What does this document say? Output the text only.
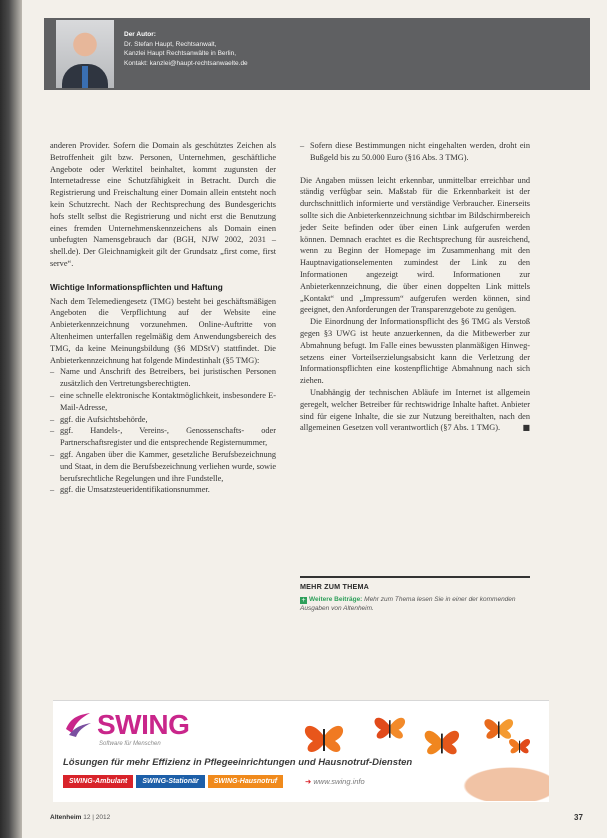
Der Autor:
Dr. Stefan Haupt, Rechtsanwalt,
Kanzlei Haupt Rechtsanwälte in Berlin,
Kontakt: kanzlei@haupt-rechtsanwaelte.de

anderen Provider. Sofern die Domain als geschütztes Zeichen als Betroffenheit gilt bzw. Personen, Unternehmen, geschäftliche Angebote oder Werktitel beinhaltet, kommt zugunsten der Internetadresse eine Schutzfähigkeit in Betracht. Durch die Registrierung und Freischaltung einer Domain allein entsteht noch kein Schutzrecht. Nach der Rechtsprechung des Bundesgerichts hofs stellt selbst die Registrierung und nicht erst die Benutzung eines fremden Unternehmenskennzeichens als Domain einen unbefugten Namensgebrauch dar (BGH, NJW 2002, 2031 – shell.de). Der Gleichnamigkeit gilt der Grundsatz „first come, first serve“.

Wichtige Informationspflichten und Haftung

Nach dem Telemediengesetz (TMG) besteht bei geschäftsmäßigen Angeboten die Verpflichtung auf der Website eine Anbieterkennzeichnung vorzunehmen. Online-Auftritte von Altenheimen unterfallen regelmäßig dem Anwendungsbereich des TMG, da keine Meinungsbildung (§6 MDStV) stattfindet. Die Anbieterkennzeichnung hat folgende Mindestinhalt (§5 TMG):

– Name und Anschrift des Betreibers, bei juristischen Personen zusätzlich den Vertretungsberechtigten.
– eine schnelle elektronische Kontaktmöglichkeit, insbesondere E-Mail-Adresse,
– ggf. die Aufsichtsbehörde,
– ggf. Handels-, Vereins-, Genossenschafts- oder Partnerschaftsregister und die entsprechende Registernummer,
– ggf. Angaben über die Kammer, gesetzliche Berufsbezeichnung und Staat, in dem die Berufsbezeichnung verliehen wurde, sowie berufsrechtliche Regelungen und ihre Fundstelle,
– ggf. die Umsatzsteueridentifikationsnummer.
– Sofern diese Bestimmungen nicht eingehalten werden, droht ein Bußgeld bis zu 50.000 Euro (§16 Abs. 3 TMG).

Die Angaben müssen leicht erkennbar, unmittelbar erreichbar und ständig verfügbar sein. Maßstab für die Erkennbarkeit ist der durchschnittlich informierte und verständige Verbraucher. Einerseits sollte sich die Anbieterkennzeichnung sichtbar im Bildschirmbereich jeder Seite befinden oder über einen Link aufgerufen werden können. Demnach erachtet es die Rechtsprechung für ausreichend, wenn zu Beginn der Homepage im Zusammenhang mit den Hauptnavigationselementen zumindest der Link zu den Informationen angezeigt wird. Informationen zur Anbieterkennzeichnung, die über einen doppelten Link mittels „Kontakt“ und „Impressum“ aufgerufen werden können, sind geeignet, den Anforderungen der Transparenzgebote zu genügen.

Die Einordnung der Informationspflicht des §6 TMG als Verstoß gegen §3 UWG ist heute anzuerkennen, da die Mitbewerber zur Abmahnung befugt. Im Falle eines bewussten planmäßigen Hinwegsetzens einer Vorteilserzielungsabsicht kann die Verletzung der Informationspflichten eine kostenpflichtige Abmahnung nach sich ziehen.

Unabhängig der technischen Abläufe im Internet ist allgemein geregelt, welcher Betreiber für rechtswidrige Inhalte haftet. Anbieter sind für eigene Inhalte, die sie zur Nutzung bereithalten, nach den allgemeinen Gesetzen voll verantwortlich (§7 Abs. 1 TMG).	■

MEHR ZUM THEMA
+ Weitere Beiträge: Mehr zum Thema lesen Sie in einer der kommenden Ausgaben von Altenheim.
SWING
Software für Menschen
Lösungen für mehr Effizienz in Pflegeeinrichtungen und Hausnotruf-Diensten
SWING-Ambulant	SWING-Stationär	SWING-Hausnotruf	➜ www.swing.info
Altenheim 12 | 2012	37
